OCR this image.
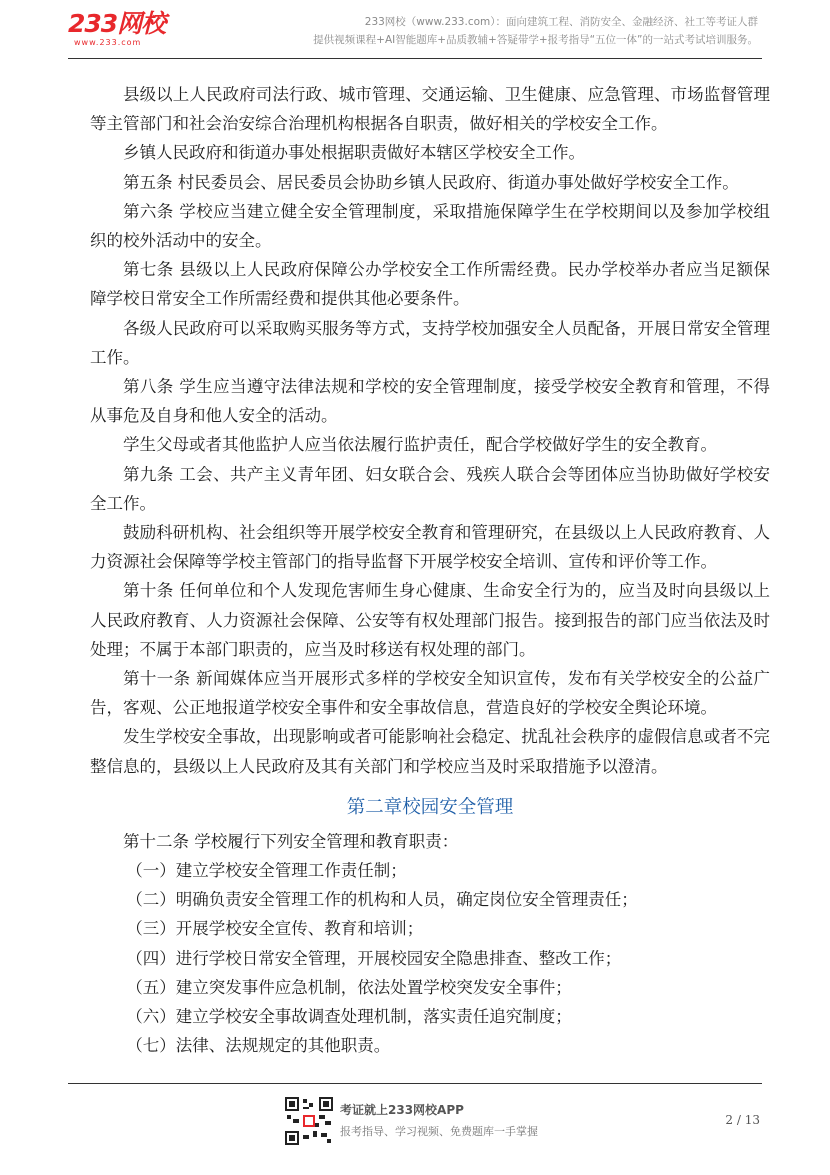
233网校
www.233.com
233网校（www.233.com）：面向建筑工程、消防安全、金融经济、社工等考证人群
提供视频课程+AI智能题库+品质教辅+答疑带学+报考指导“五位一体”的一站式考试培训服务。

县级以上人民政府司法行政、城市管理、交通运输、卫生健康、应急管理、市场监督管理等主管部门和社会治安综合治理机构根据各自职责，做好相关的学校安全工作。

乡镇人民政府和街道办事处根据职责做好本辖区学校安全工作。

第五条 村民委员会、居民委员会协助乡镇人民政府、街道办事处做好学校安全工作。

第六条 学校应当建立健全安全管理制度，采取措施保障学生在学校期间以及参加学校组织的校外活动中的安全。

第七条 县级以上人民政府保障公办学校安全工作所需经费。民办学校举办者应当足额保障学校日常安全工作所需经费和提供其他必要条件。

各级人民政府可以采取购买服务等方式，支持学校加强安全人员配备，开展日常安全管理工作。

第八条 学生应当遵守法律法规和学校的安全管理制度，接受学校安全教育和管理，不得从事危及自身和他人安全的活动。

学生父母或者其他监护人应当依法履行监护责任，配合学校做好学生的安全教育。

第九条 工会、共产主义青年团、妇女联合会、残疾人联合会等团体应当协助做好学校安全工作。

鼓励科研机构、社会组织等开展学校安全教育和管理研究，在县级以上人民政府教育、人力资源社会保障等学校主管部门的指导监督下开展学校安全培训、宣传和评价等工作。

第十条 任何单位和个人发现危害师生身心健康、生命安全行为的，应当及时向县级以上人民政府教育、人力资源社会保障、公安等有权处理部门报告。接到报告的部门应当依法及时处理；不属于本部门职责的，应当及时移送有权处理的部门。

第十一条 新闻媒体应当开展形式多样的学校安全知识宣传，发布有关学校安全的公益广告，客观、公正地报道学校安全事件和安全事故信息，营造良好的学校安全舆论环境。

发生学校安全事故，出现影响或者可能影响社会稳定、扰乱社会秩序的虚假信息或者不完整信息的，县级以上人民政府及其有关部门和学校应当及时采取措施予以澄清。

第二章校园安全管理

第十二条 学校履行下列安全管理和教育职责：

（一）建立学校安全管理工作责任制；

（二）明确负责安全管理工作的机构和人员，确定岗位安全管理责任；

（三）开展学校安全宣传、教育和培训；

（四）进行学校日常安全管理，开展校园安全隐患排查、整改工作；

（五）建立突发事件应急机制，依法处置学校突发安全事件；

（六）建立学校安全事故调查处理机制，落实责任追究制度；

（七）法律、法规规定的其他职责。

考证就上233网校APP
报考指导、学习视频、免费题库一手掌握
2 / 13
